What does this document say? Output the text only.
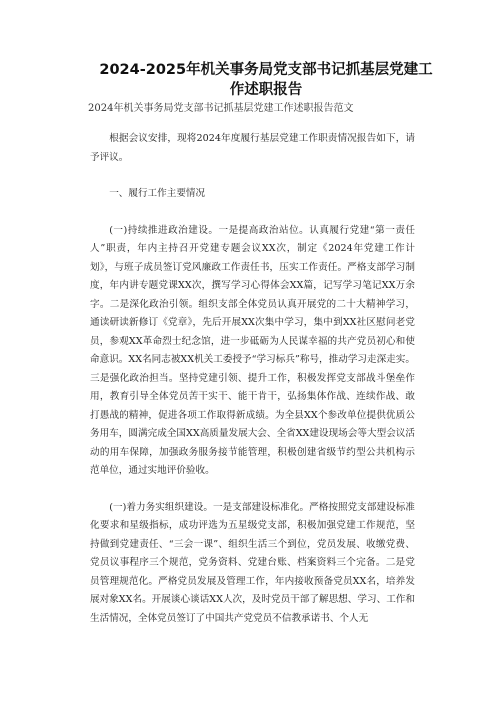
2024-2025年机关事务局党支部书记抓基层党建工作述职报告
2024年机关事务局党支部书记抓基层党建工作述职报告范文

根据会议安排，现将2024年度履行基层党建工作职责情况报告如下，请予评议。

一、履行工作主要情况

(一)持续推进政治建设。一是提高政治站位。认真履行党建“第一责任人”职责，年内主持召开党建专题会议XX次，制定《2024年党建工作计划》，与班子成员签订党风廉政工作责任书，压实工作责任。严格支部学习制度，年内讲专题党课XX次，撰写学习心得体会XX篇，记写学习笔记XX万余字。二是深化政治引领。组织支部全体党员认真开展党的二十大精神学习，通读研读新修订《党章》，先后开展XX次集中学习，集中到XX社区慰问老党员，参观XX革命烈士纪念馆，进一步砥砺为人民谋幸福的共产党员初心和使命意识。XX名同志被XX机关工委授予“学习标兵”称号，推动学习走深走实。三是强化政治担当。坚持党建引领、提升工作，积极发挥党支部战斗堡垒作用，教育引导全体党员苦干实干、能干肯干，弘扬集体作战、连续作战、敢打愚战的精神，促进各项工作取得新成绩。为全县XX个参改单位提供优质公务用车，圆满完成全国XX高质量发展大会、全省XX建设现场会等大型会议活动的用车保障，加强政务服务接节能管理，积极创建省级节约型公共机构示范单位，通过实地评价验收。

(一)着力务实组织建设。一是支部建设标准化。严格按照党支部建设标准化要求和星级指标，成功评选为五星级党支部，积极加强党建工作规范，坚持做到党建责任、“三会一课”、组织生活三个到位，党员发展、收缴党费、党员议事程序三个规范，党务资料、党建台账、档案资料三个完备。二是党员管理规范化。严格党员发展及管理工作，年内接收预备党员XX名，培养发展对象XX名。开展谈心谈话XX人次，及时党员干部了解思想、学习、工作和生活情况，全体党员签订了中国共产党党员不信教承诺书、个人无
